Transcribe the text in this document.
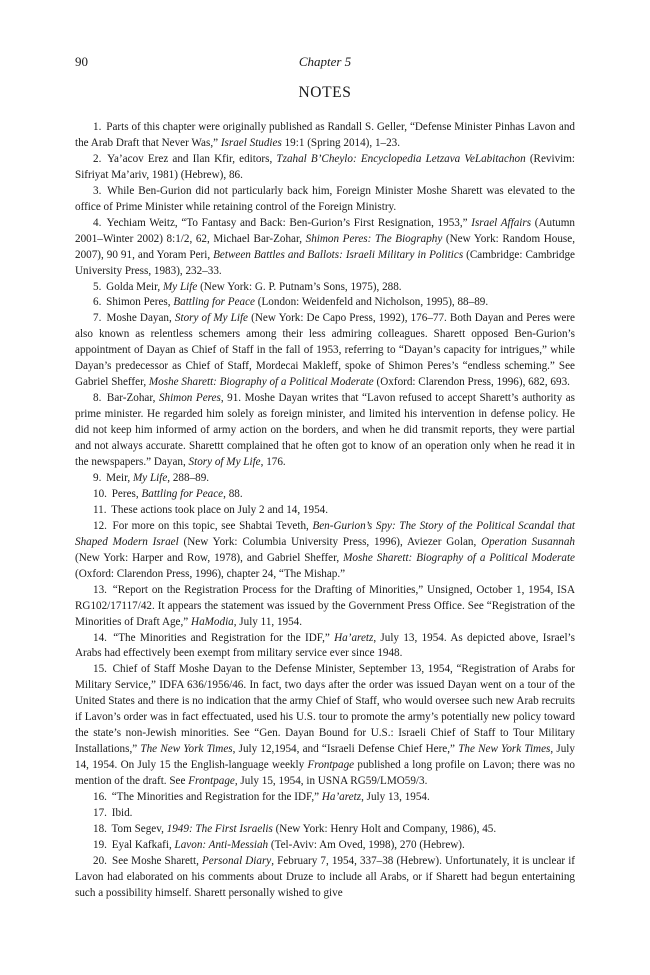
90	Chapter 5
NOTES

1. Parts of this chapter were originally published as Randall S. Geller, “Defense Minister Pinhas Lavon and the Arab Draft that Never Was,” Israel Studies 19:1 (Spring 2014), 1–23.

2. Ya’acov Erez and Ilan Kfir, editors, Tzahal B’Cheylo: Encyclopedia Letzava VeLabitachon (Revivim: Sifriyat Ma’ariv, 1981) (Hebrew), 86.

3. While Ben-Gurion did not particularly back him, Foreign Minister Moshe Sharett was elevated to the office of Prime Minister while retaining control of the Foreign Ministry.

4. Yechiam Weitz, “To Fantasy and Back: Ben-Gurion’s First Resignation, 1953,” Israel Affairs (Autumn 2001–Winter 2002) 8:1/2, 62, Michael Bar-Zohar, Shimon Peres: The Biography (New York: Random House, 2007), 90 91, and Yoram Peri, Between Battles and Ballots: Israeli Military in Politics (Cambridge: Cambridge University Press, 1983), 232–33.

5. Golda Meir, My Life (New York: G. P. Putnam’s Sons, 1975), 288.

6. Shimon Peres, Battling for Peace (London: Weidenfeld and Nicholson, 1995), 88–89.

7. Moshe Dayan, Story of My Life (New York: De Capo Press, 1992), 176–77. Both Dayan and Peres were also known as relentless schemers among their less admiring colleagues. Sharett opposed Ben-Gurion’s appointment of Dayan as Chief of Staff in the fall of 1953, referring to “Dayan’s capacity for intrigues,” while Dayan’s predecessor as Chief of Staff, Mordecai Makleff, spoke of Shimon Peres’s “endless scheming.” See Gabriel Sheffer, Moshe Sharett: Biography of a Political Moderate (Oxford: Clarendon Press, 1996), 682, 693.

8. Bar-Zohar, Shimon Peres, 91. Moshe Dayan writes that “Lavon refused to accept Sharett’s authority as prime minister. He regarded him solely as foreign minister, and limited his intervention in defense policy. He did not keep him informed of army action on the borders, and when he did transmit reports, they were partial and not always accurate. Sharettt complained that he often got to know of an operation only when he read it in the newspapers.” Dayan, Story of My Life, 176.

9. Meir, My Life, 288–89.

10. Peres, Battling for Peace, 88.

11. These actions took place on July 2 and 14, 1954.

12. For more on this topic, see Shabtai Teveth, Ben-Gurion’s Spy: The Story of the Political Scandal that Shaped Modern Israel (New York: Columbia University Press, 1996), Aviezer Golan, Operation Susannah (New York: Harper and Row, 1978), and Gabriel Sheffer, Moshe Sharett: Biography of a Political Moderate (Oxford: Clarendon Press, 1996), chapter 24, “The Mishap.”

13. “Report on the Registration Process for the Drafting of Minorities,” Unsigned, October 1, 1954, ISA RG102/17117/42. It appears the statement was issued by the Government Press Office. See “Registration of the Minorities of Draft Age,” HaModia, July 11, 1954.

14. “The Minorities and Registration for the IDF,” Ha’aretz, July 13, 1954. As depicted above, Israel’s Arabs had effectively been exempt from military service ever since 1948.

15. Chief of Staff Moshe Dayan to the Defense Minister, September 13, 1954, “Registration of Arabs for Military Service,” IDFA 636/1956/46. In fact, two days after the order was issued Dayan went on a tour of the United States and there is no indication that the army Chief of Staff, who would oversee such new Arab recruits if Lavon’s order was in fact effectuated, used his U.S. tour to promote the army’s potentially new policy toward the state’s non-Jewish minorities. See “Gen. Dayan Bound for U.S.: Israeli Chief of Staff to Tour Military Installations,” The New York Times, July 12,1954, and “Israeli Defense Chief Here,” The New York Times, July 14, 1954. On July 15 the English-language weekly Frontpage published a long profile on Lavon; there was no mention of the draft. See Frontpage, July 15, 1954, in USNA RG59/LMO59/3.

16. “The Minorities and Registration for the IDF,” Ha’aretz, July 13, 1954.

17. Ibid.

18. Tom Segev, 1949: The First Israelis (New York: Henry Holt and Company, 1986), 45.

19. Eyal Kafkafi, Lavon: Anti-Messiah (Tel-Aviv: Am Oved, 1998), 270 (Hebrew).

20. See Moshe Sharett, Personal Diary, February 7, 1954, 337–38 (Hebrew). Unfortunately, it is unclear if Lavon had elaborated on his comments about Druze to include all Arabs, or if Sharett had begun entertaining such a possibility himself. Sharett personally wished to give
